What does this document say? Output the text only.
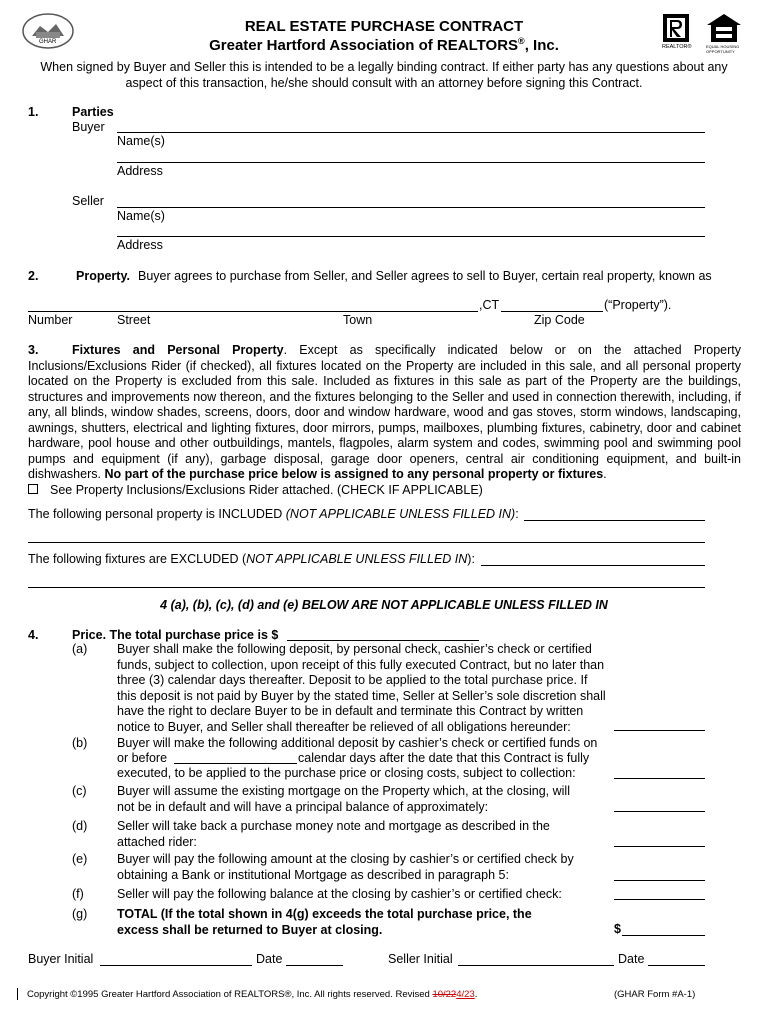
GHAR
REAL ESTATE PURCHASE CONTRACT
Greater Hartford Association of REALTORS®, Inc.	REALTOR®	EQUAL HOUSING OPPORTUNITY
When signed by Buyer and Seller this is intended to be a legally binding contract. If either party has any questions about any aspect of this transaction, he/she should consult with an attorney before signing this Contract.
1.	Parties
Buyer
Name(s)
Address
Seller
Name(s)
Address
2.	Property. Buyer agrees to purchase from Seller, and Seller agrees to sell to Buyer, certain real property, known as
,CT	(“Property”).
Number	Street	Town	Zip Code
3.	Fixtures and Personal Property. Except as specifically indicated below or on the attached Property Inclusions/Exclusions Rider (if checked), all fixtures located on the Property are included in this sale, and all personal property located on the Property is excluded from this sale. Included as fixtures in this sale as part of the Property are the buildings, structures and improvements now thereon, and the fixtures belonging to the Seller and used in connection therewith, including, if any, all blinds, window shades, screens, doors, door and window hardware, wood and gas stoves, storm windows, landscaping, awnings, shutters, electrical and lighting fixtures, door mirrors, pumps, mailboxes, plumbing fixtures, cabinetry, door and cabinet hardware, pool house and other outbuildings, mantels, flagpoles, alarm system and codes, swimming pool and swimming pool pumps and equipment (if any), garbage disposal, garage door openers, central air conditioning equipment, and built-in dishwashers. No part of the purchase price below is assigned to any personal property or fixtures.
See Property Inclusions/Exclusions Rider attached. (CHECK IF APPLICABLE)
The following personal property is INCLUDED (NOT APPLICABLE UNLESS FILLED IN):
The following fixtures are EXCLUDED (NOT APPLICABLE UNLESS FILLED IN):
4 (a), (b), (c), (d) and (e) BELOW ARE NOT APPLICABLE UNLESS FILLED IN
4.	Price. The total purchase price is $
(a) Buyer shall make the following deposit, by personal check, cashier’s check or certified funds, subject to collection, upon receipt of this fully executed Contract, but no later than three (3) calendar days thereafter. Deposit to be applied to the total purchase price. If this deposit is not paid by Buyer by the stated time, Seller at Seller’s sole discretion shall have the right to declare Buyer to be in default and terminate this Contract by written notice to Buyer, and Seller shall thereafter be relieved of all obligations hereunder:
(b) Buyer will make the following additional deposit by cashier’s check or certified funds on
or before	calendar days after the date that this Contract is fully
executed, to be applied to the purchase price or closing costs, subject to collection:
(c) Buyer will assume the existing mortgage on the Property which, at the closing, will not be in default and will have a principal balance of approximately:
(d) Seller will take back a purchase money note and mortgage as described in the attached rider:
(e) Buyer will pay the following amount at the closing by cashier’s or certified check by obtaining a Bank or institutional Mortgage as described in paragraph 5:
(f)	Seller will pay the following balance at the closing by cashier’s or certified check:
(g) TOTAL (If the total shown in 4(g) exceeds the total purchase price, the excess shall be returned to Buyer at closing.	$
Buyer Initial	Date	Seller Initial	Date
Copyright ©1995 Greater Hartford Association of REALTORS®, Inc. All rights reserved. Revised 10/224/23.	(GHAR Form #A-1)
